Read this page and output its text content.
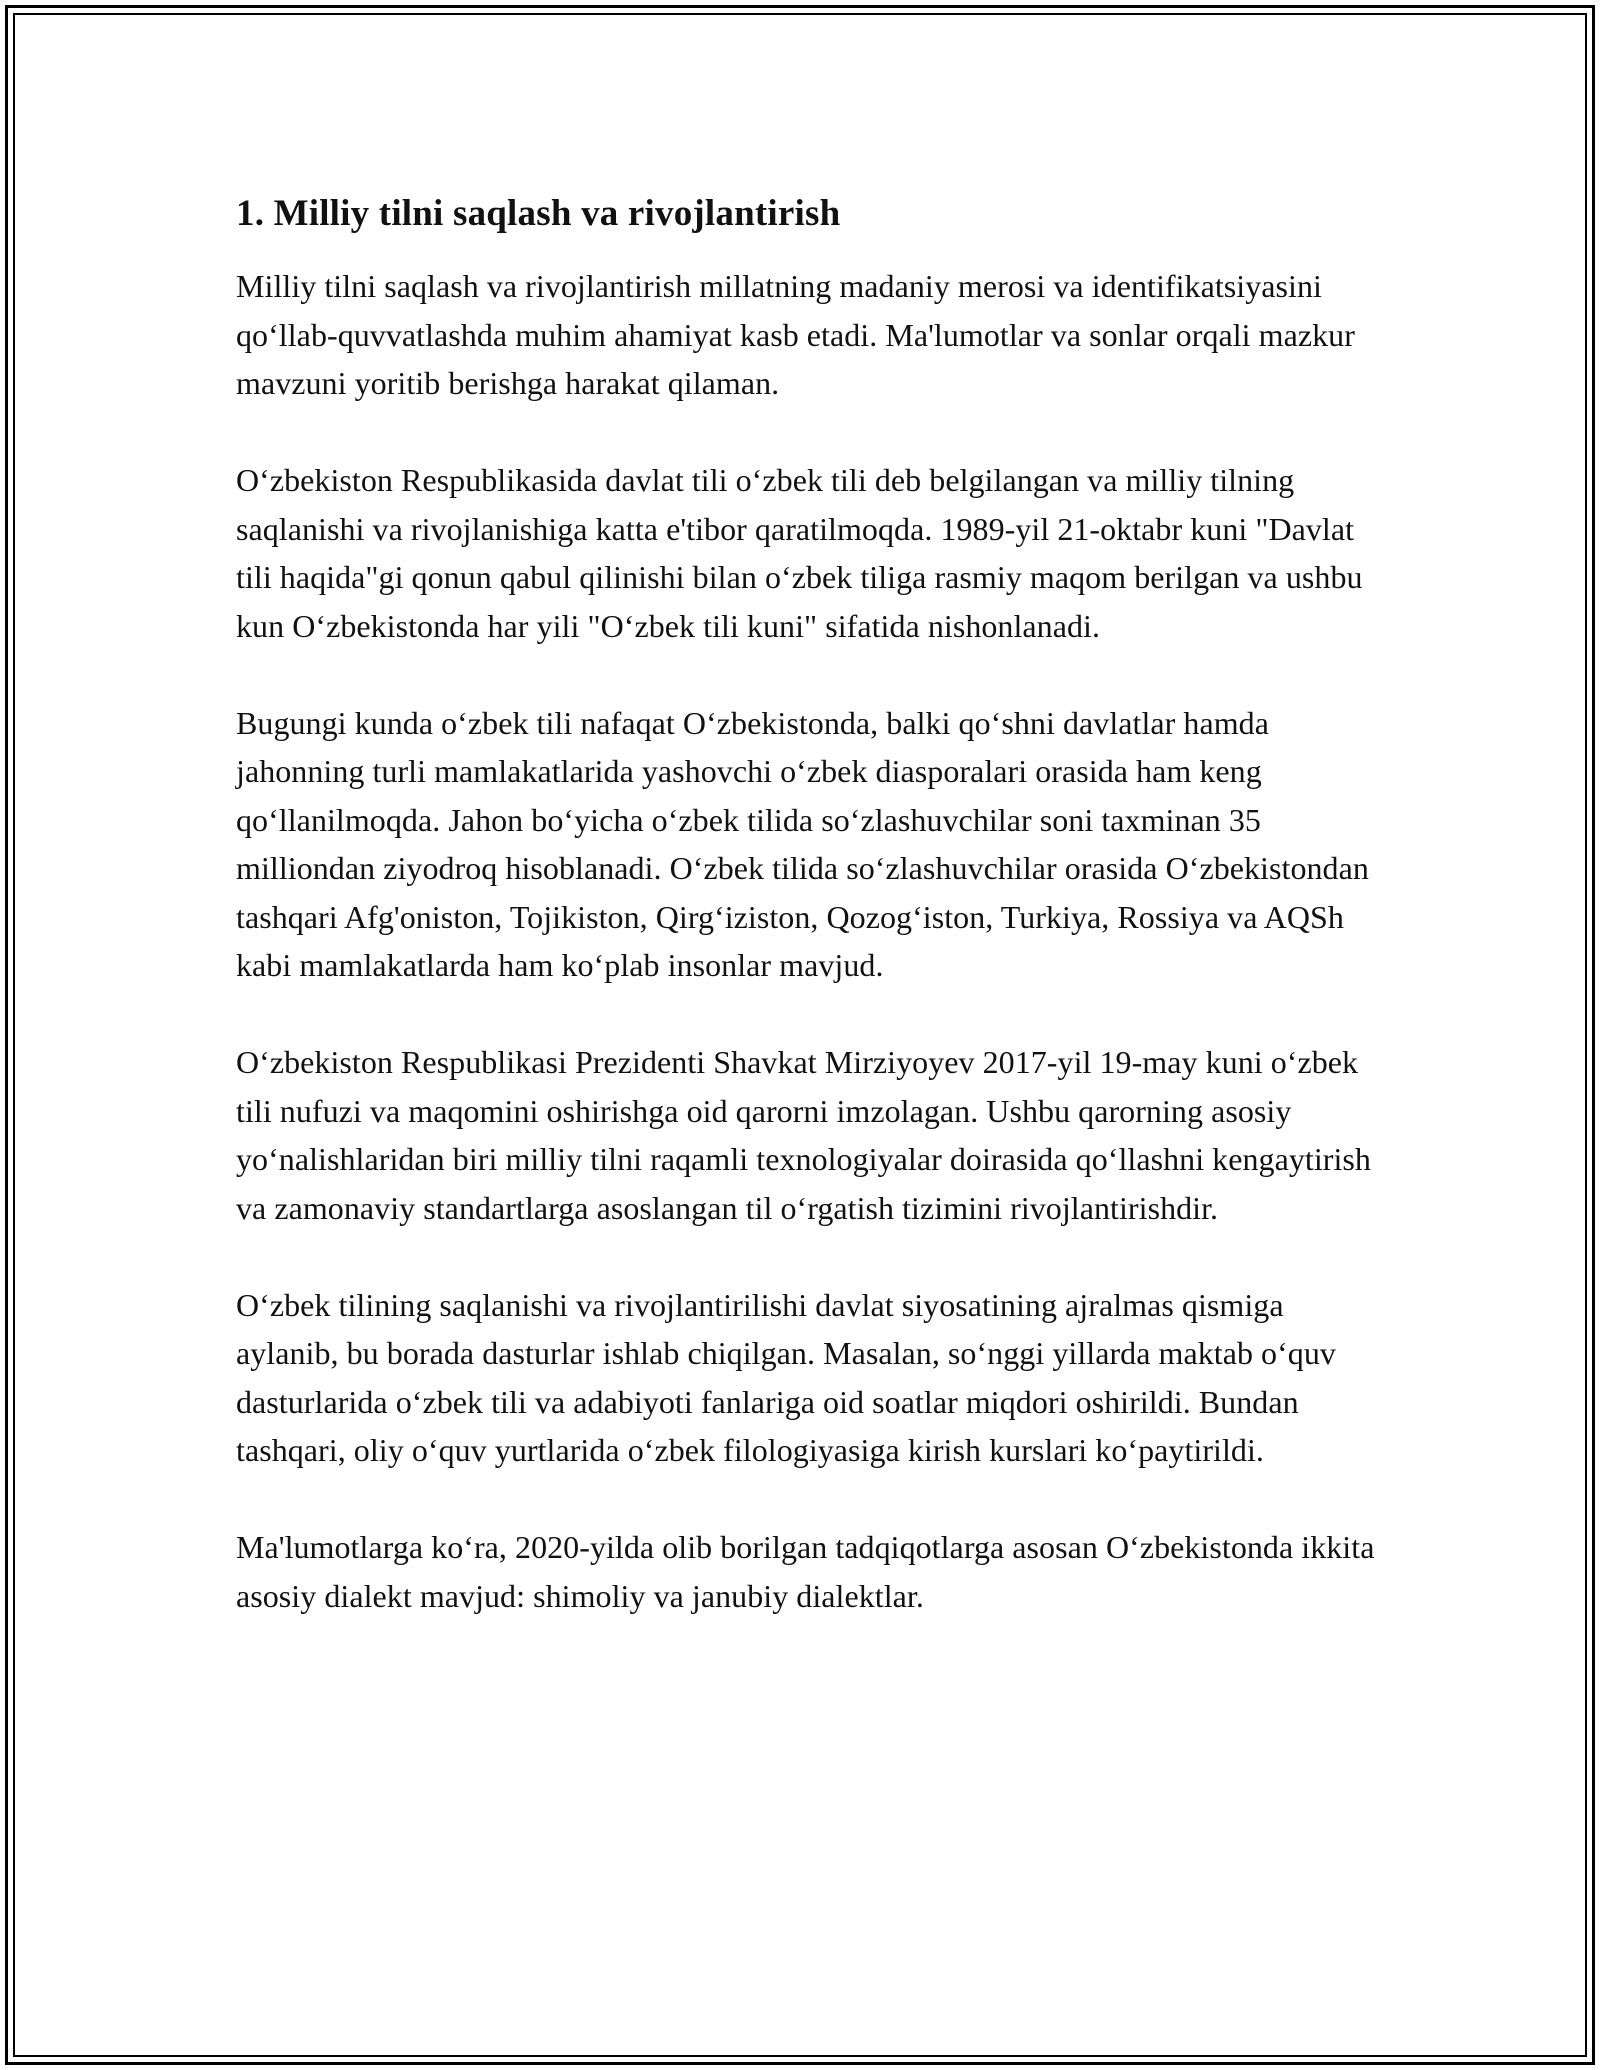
1. Milliy tilni saqlash va rivojlantirish

Milliy tilni saqlash va rivojlantirish millatning madaniy merosi va identifikatsiyasini qo‘llab-quvvatlashda muhim ahamiyat kasb etadi. Ma'lumotlar va sonlar orqali mazkur mavzuni yoritib berishga harakat qilaman.

O‘zbekiston Respublikasida davlat tili o‘zbek tili deb belgilangan va milliy tilning saqlanishi va rivojlanishiga katta e'tibor qaratilmoqda. 1989-yil 21-oktabr kuni "Davlat tili haqida"gi qonun qabul qilinishi bilan o‘zbek tiliga rasmiy maqom berilgan va ushbu kun O‘zbekistonda har yili "O‘zbek tili kuni" sifatida nishonlanadi.

Bugungi kunda o‘zbek tili nafaqat O‘zbekistonda, balki qo‘shni davlatlar hamda jahonning turli mamlakatlarida yashovchi o‘zbek diasporalari orasida ham keng qo‘llanilmoqda. Jahon bo‘yicha o‘zbek tilida so‘zlashuvchilar soni taxminan 35 milliondan ziyodroq hisoblanadi. O‘zbek tilida so‘zlashuvchilar orasida O‘zbekistondan tashqari Afg'oniston, Tojikiston, Qirg‘iziston, Qozog‘iston, Turkiya, Rossiya va AQSh kabi mamlakatlarda ham ko‘plab insonlar mavjud.

O‘zbekiston Respublikasi Prezidenti Shavkat Mirziyoyev 2017-yil 19-may kuni o‘zbek tili nufuzi va maqomini oshirishga oid qarorni imzolagan. Ushbu qarorning asosiy yo‘nalishlaridan biri milliy tilni raqamli texnologiyalar doirasida qo‘llashni kengaytirish va zamonaviy standartlarga asoslangan til o‘rgatish tizimini rivojlantirishdir.

O‘zbek tilining saqlanishi va rivojlantirilishi davlat siyosatining ajralmas qismiga aylanib, bu borada dasturlar ishlab chiqilgan. Masalan, so‘nggi yillarda maktab o‘quv dasturlarida o‘zbek tili va adabiyoti fanlariga oid soatlar miqdori oshirildi. Bundan tashqari, oliy o‘quv yurtlarida o‘zbek filologiyasiga kirish kurslari ko‘paytirildi.

Ma'lumotlarga ko‘ra, 2020-yilda olib borilgan tadqiqotlarga asosan O‘zbekistonda ikkita asosiy dialekt mavjud: shimoliy va janubiy dialektlar.
